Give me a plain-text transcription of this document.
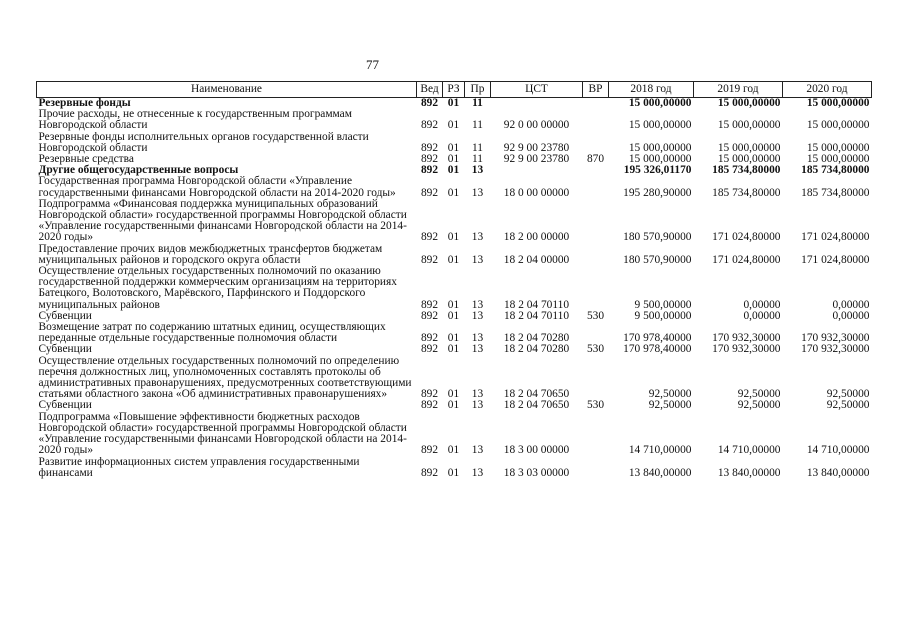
77
Наименование	Вед	РЗ	Пр	ЦСТ	ВР	2018 год	2019 год	2020 год
Резервные фонды	892	01	11			15 000,00000	15 000,00000	15 000,00000
Прочие расходы, не отнесенные к государственным программам Новгородской области	892	01	11	92 0 00 00000		15 000,00000	15 000,00000	15 000,00000
Резервные фонды исполнительных органов государственной власти Новгородской области	892	01	11	92 9 00 23780		15 000,00000	15 000,00000	15 000,00000
Резервные средства	892	01	11	92 9 00 23780	870	15 000,00000	15 000,00000	15 000,00000
Другие общегосударственные вопросы	892	01	13			195 326,01170	185 734,80000	185 734,80000
Государственная программа Новгородской области «Управление государственными финансами Новгородской области на 2014-2020 годы»	892	01	13	18 0 00 00000		195 280,90000	185 734,80000	185 734,80000
Подпрограмма «Финансовая поддержка муниципальных образований Новгородской области» государственной программы Новгородской области «Управление государственными финансами Новгородской области на 2014-2020 годы»	892	01	13	18 2 00 00000		180 570,90000	171 024,80000	171 024,80000
Предоставление прочих видов межбюджетных трансфертов бюджетам муниципальных районов и городского округа области	892	01	13	18 2 04 00000		180 570,90000	171 024,80000	171 024,80000
Осуществление отдельных государственных полномочий по оказанию государственной поддержки коммерческим организациям на территориях Батецкого, Волотовского, Марёвского, Парфинского и Поддорского муниципальных районов	892	01	13	18 2 04 70110		9 500,00000	0,00000	0,00000
Субвенции	892	01	13	18 2 04 70110	530	9 500,00000	0,00000	0,00000
Возмещение затрат по содержанию штатных единиц, осуществляющих переданные отдельные государственные полномочия области	892	01	13	18 2 04 70280		170 978,40000	170 932,30000	170 932,30000
Субвенции	892	01	13	18 2 04 70280	530	170 978,40000	170 932,30000	170 932,30000
Осуществление отдельных государственных полномочий по определению перечня должностных лиц, уполномоченных составлять протоколы об административных правонарушениях, предусмотренных соответствующими статьями областного закона «Об административных правонарушениях»	892	01	13	18 2 04 70650		92,50000	92,50000	92,50000
Субвенции	892	01	13	18 2 04 70650	530	92,50000	92,50000	92,50000
Подпрограмма «Повышение эффективности бюджетных расходов Новгородской области» государственной программы Новгородской области «Управление государственными финансами Новгородской области на 2014-2020 годы»	892	01	13	18 3 00 00000		14 710,00000	14 710,00000	14 710,00000
Развитие информационных систем управления государственными финансами	892	01	13	18 3 03 00000		13 840,00000	13 840,00000	13 840,00000
